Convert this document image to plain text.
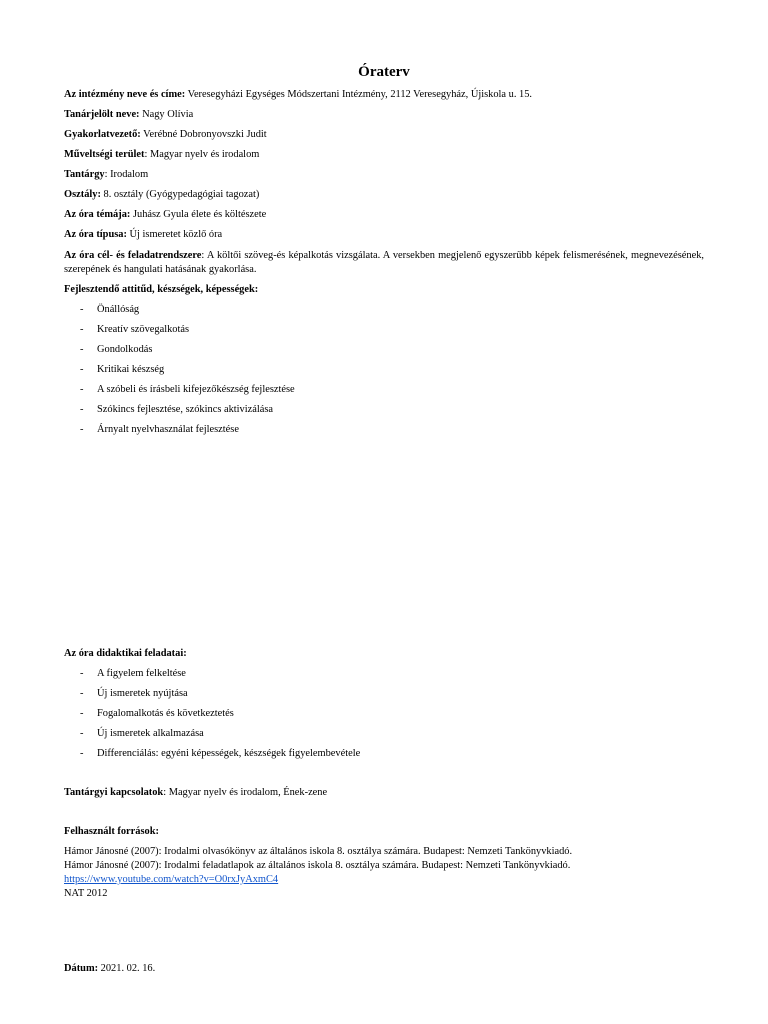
Óraterv
Az intézmény neve és címe: Veresegyházi Egységes Módszertani Intézmény, 2112 Veresegyház, Újiskola u. 15.
Tanárjelölt neve: Nagy Olívia
Gyakorlatvezető: Verébné Dobronyovszki Judit
Műveltségi terület: Magyar nyelv és irodalom
Tantárgy: Irodalom
Osztály: 8. osztály (Gyógypedagógiai tagozat)
Az óra témája: Juhász Gyula élete és költészete
Az óra típusa: Új ismeretet közlő óra
Az óra cél- és feladatrendszere: A költői szöveg-és képalkotás vizsgálata. A versekben megjelenő egyszerűbb képek felismerésének, megnevezésének, szerepének és hangulati hatásának gyakorlása.
Fejlesztendő attitűd, készségek, képességek:
- Önállóság
- Kreatív szövegalkotás
- Gondolkodás
- Kritikai készség
- A szóbeli és írásbeli kifejezőkészség fejlesztése
- Szókincs fejlesztése, szókincs aktivizálása
- Árnyalt nyelvhasználat fejlesztése
Az óra didaktikai feladatai:
- A figyelem felkeltése
- Új ismeretek nyújtása
- Fogalomalkotás és következtetés
- Új ismeretek alkalmazása
- Differenciálás: egyéni képességek, készségek figyelembevétele
Tantárgyi kapcsolatok: Magyar nyelv és irodalom, Ének-zene
Felhasznált források:
Hámor Jánosné (2007): Irodalmi olvasókönyv az általános iskola 8. osztálya számára. Budapest: Nemzeti Tankönyvkiadó.
Hámor Jánosné (2007): Irodalmi feladatlapok az általános iskola 8. osztálya számára. Budapest: Nemzeti Tankönyvkiadó.
https://www.youtube.com/watch?v=O0rxJyAxmC4
NAT 2012
Dátum: 2021. 02. 16.
